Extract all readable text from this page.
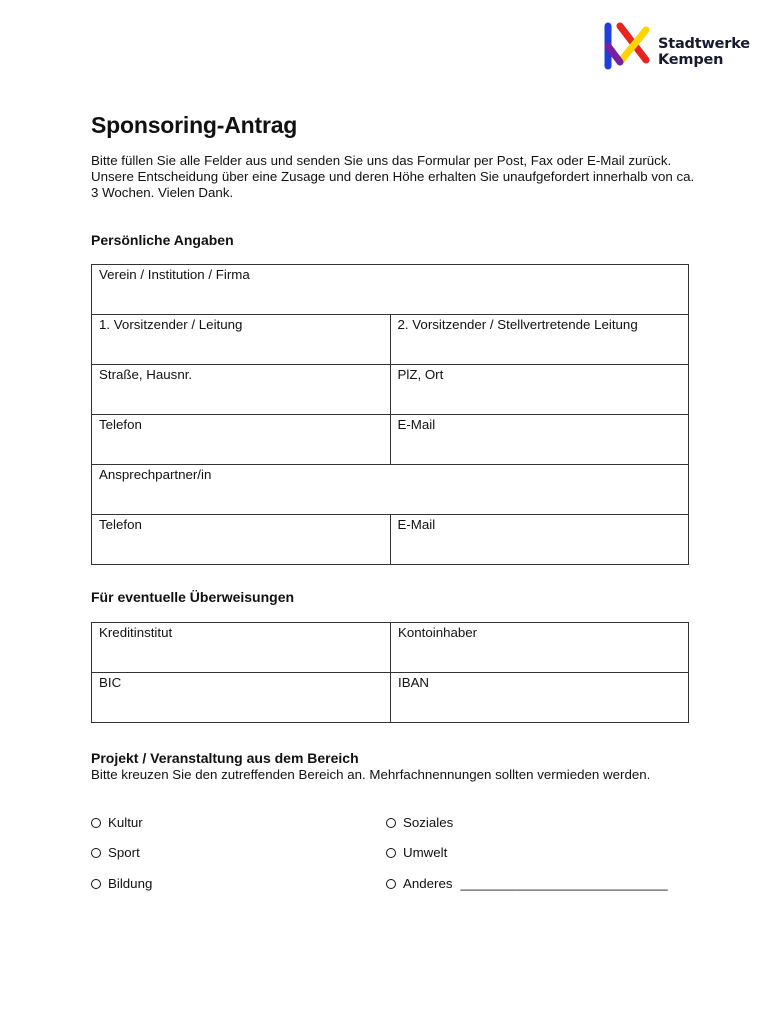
Stadtwerke
Kempen
Sponsoring-Antrag

Bitte füllen Sie alle Felder aus und senden Sie uns das Formular per Post, Fax oder E-Mail zurück. Unsere Entscheidung über eine Zusage und deren Höhe erhalten Sie unaufgefordert innerhalb von ca. 3 Wochen. Vielen Dank.

Persönliche Angaben
Verein / Institution / Firma	
1. Vorsitzender / Leitung	2. Vorsitzender / Stellvertretende Leitung
Straße, Hausnr.	PlZ, Ort
Telefon	E-Mail
Ansprechpartner/in	
Telefon	E-Mail
Für eventuelle Überweisungen
Kreditinstitut	Kontoinhaber
BIC	IBAN
Projekt / Veranstaltung aus dem Bereich

Bitte kreuzen Sie den zutreffenden Bereich an. Mehrfachnennungen sollten vermieden werden.

Kultur	Soziales
Sport	Umwelt
Bildung	Anderes ____________________________
